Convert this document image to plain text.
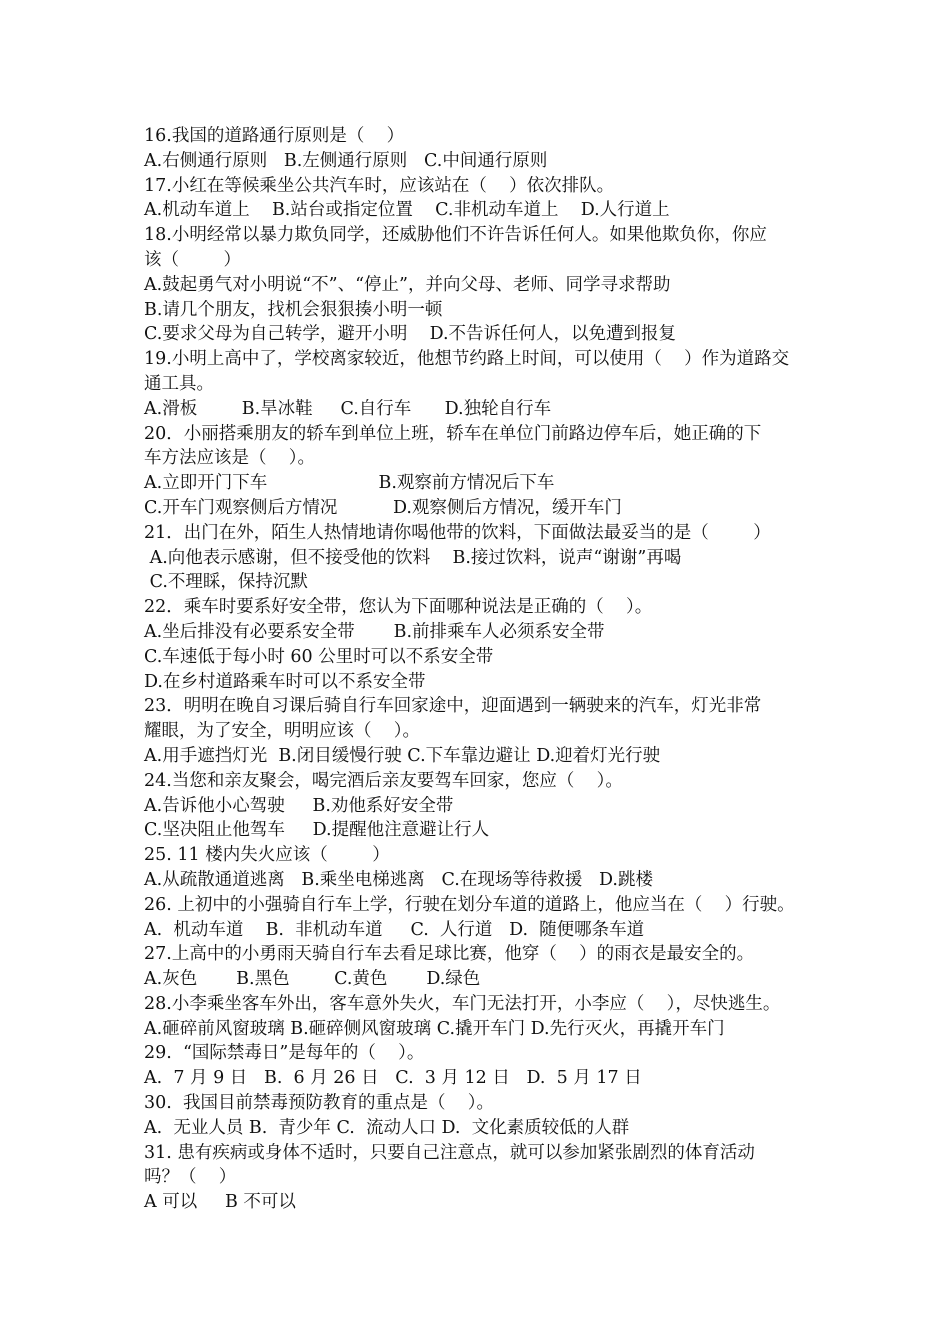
16.我国的道路通行原则是（    ）

A.右侧通行原则   B.左侧通行原则   C.中间通行原则

17.小红在等候乘坐公共汽车时，应该站在（    ）依次排队。

A.机动车道上    B.站台或指定位置    C.非机动车道上    D.人行道上

18.小明经常以暴力欺负同学，还威胁他们不许告诉任何人。如果他欺负你，你应

该（        ）

A.鼓起勇气对小明说“不”、“停止”，并向父母、老师、同学寻求帮助

B.请几个朋友，找机会狠狠揍小明一顿

C.要求父母为自己转学，避开小明    D.不告诉任何人，以免遭到报复

19.小明上高中了，学校离家较近，他想节约路上时间，可以使用（    ）作为道路交

通工具。

A.滑板        B.旱冰鞋     C.自行车      D.独轮自行车

20．小丽搭乘朋友的轿车到单位上班，轿车在单位门前路边停车后，她正确的下

车方法应该是（    ）。

A.立即开门下车                    B.观察前方情况后下车

C.开车门观察侧后方情况          D.观察侧后方情况，缓开车门

21．出门在外，陌生人热情地请你喝他带的饮料，下面做法最妥当的是（        ）

A.向他表示感谢，但不接受他的饮料    B.接过饮料，说声“谢谢”再喝

C.不理睬，保持沉默

22．乘车时要系好安全带，您认为下面哪种说法是正确的（    ）。

A.坐后排没有必要系安全带       B.前排乘车人必须系安全带

C.车速低于每小时 60 公里时可以不系安全带

D.在乡村道路乘车时可以不系安全带

23．明明在晚自习课后骑自行车回家途中，迎面遇到一辆驶来的汽车，灯光非常

耀眼，为了安全，明明应该（    ）。

A.用手遮挡灯光  B.闭目缓慢行驶 C.下车靠边避让 D.迎着灯光行驶

24.当您和亲友聚会，喝完酒后亲友要驾车回家，您应（    ）。

A.告诉他小心驾驶     B.劝他系好安全带

C.坚决阻止他驾车     D.提醒他注意避让行人

25. 11 楼内失火应该（        ）

A.从疏散通道逃离   B.乘坐电梯逃离   C.在现场等待救援   D.跳楼

26. 上初中的小强骑自行车上学，行驶在划分车道的道路上，他应当在（    ）行驶。

A.  机动车道    B.  非机动车道     C.  人行道   D.  随便哪条车道

27.上高中的小勇雨天骑自行车去看足球比赛，他穿（    ）的雨衣是最安全的。

A.灰色       B.黑色        C.黄色       D.绿色

28.小李乘坐客车外出，客车意外失火，车门无法打开，小李应（    ），尽快逃生。

A.砸碎前风窗玻璃 B.砸碎侧风窗玻璃 C.撬开车门 D.先行灭火，再撬开车门

29.  “国际禁毒日”是每年的（    ）。

A.  7 月 9 日   B.  6 月 26 日   C.  3 月 12 日   D.  5 月 17 日

30.  我国目前禁毒预防教育的重点是（    ）。

A.  无业人员 B.  青少年 C.  流动人口 D.  文化素质较低的人群

31. 患有疾病或身体不适时，只要自己注意点，就可以参加紧张剧烈的体育活动

吗？（    ）

A 可以     B 不可以
